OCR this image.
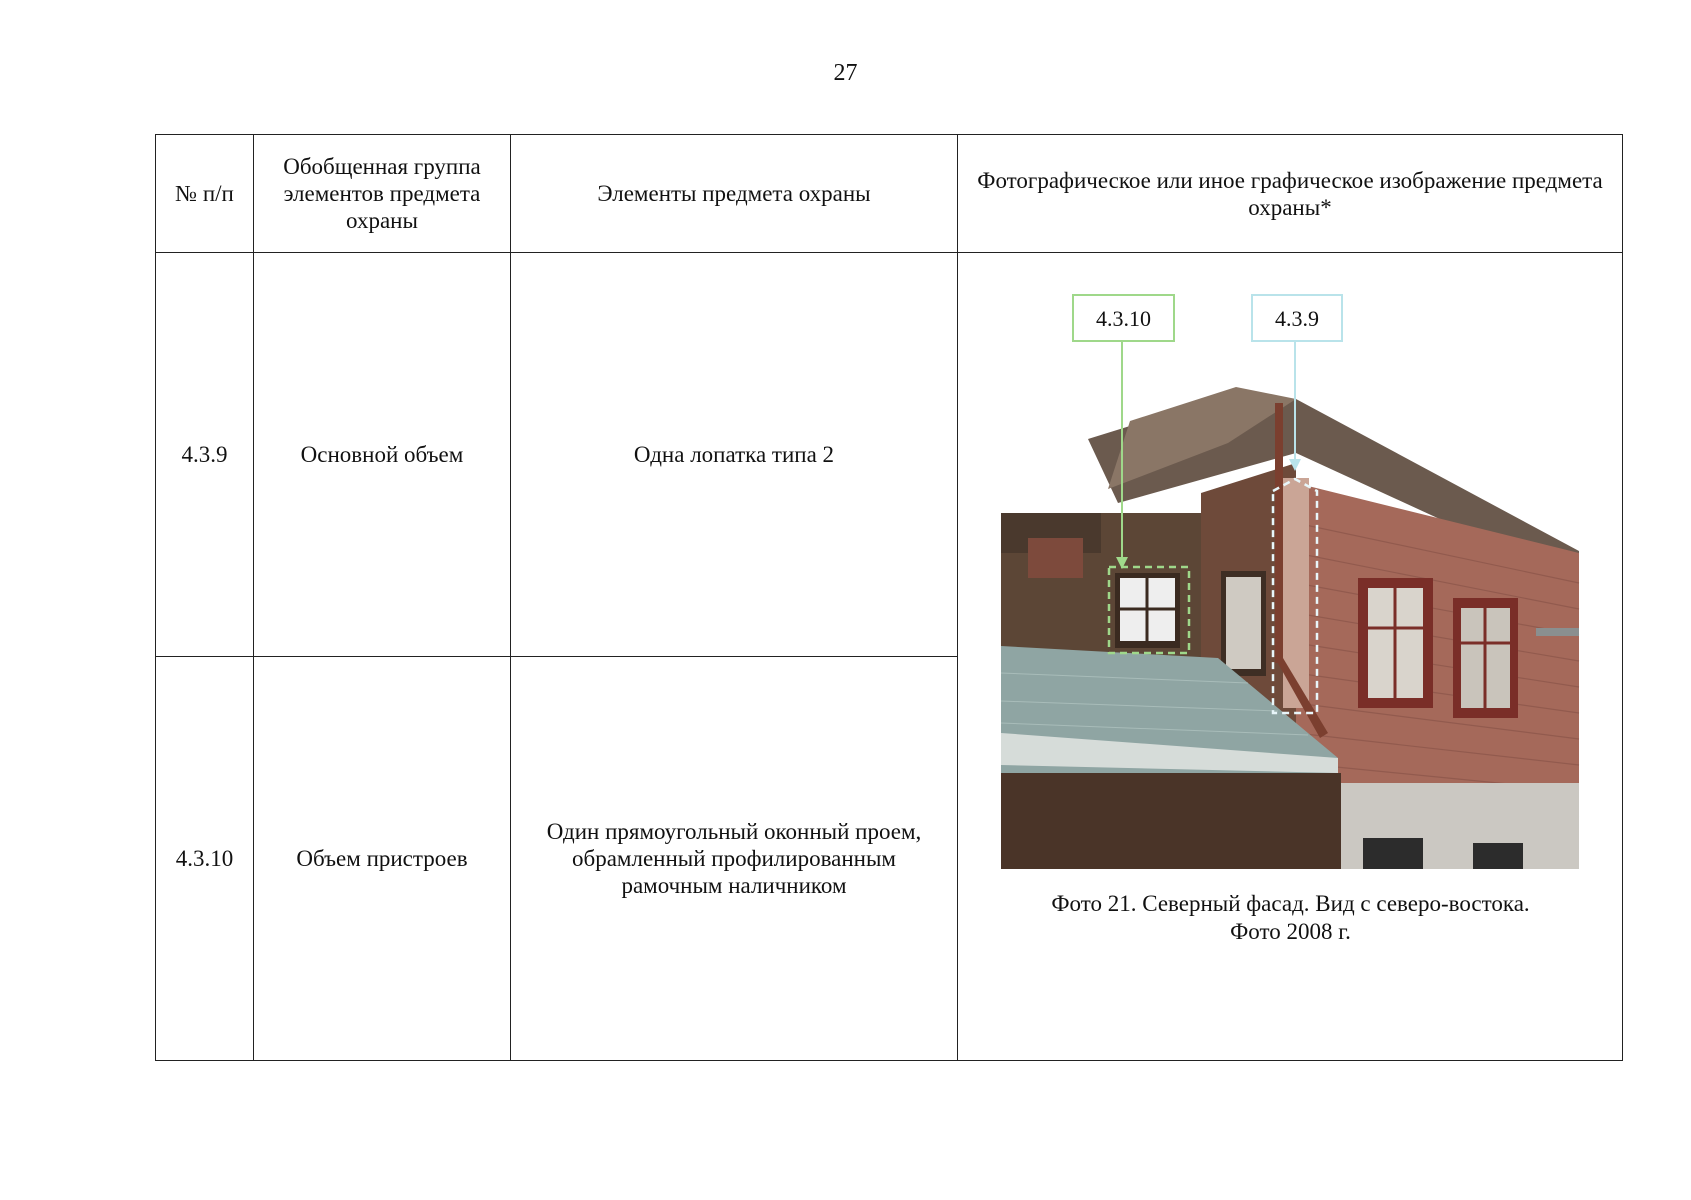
27
№ п/п	Обобщенная группа элементов предмета охраны	Элементы предмета охраны	Фотографическое или иное графическое изображение предмета охраны*
4.3.9	Основной объем	Одна лопатка типа 2	4.3.10 4.3.9
Фото 21. Северный фасад. Вид с северо-востока.
Фото 2008 г.

4.3.10	Объем пристроев	Один прямоугольный оконный проем, обрамленный профилированным рамочным наличником	
